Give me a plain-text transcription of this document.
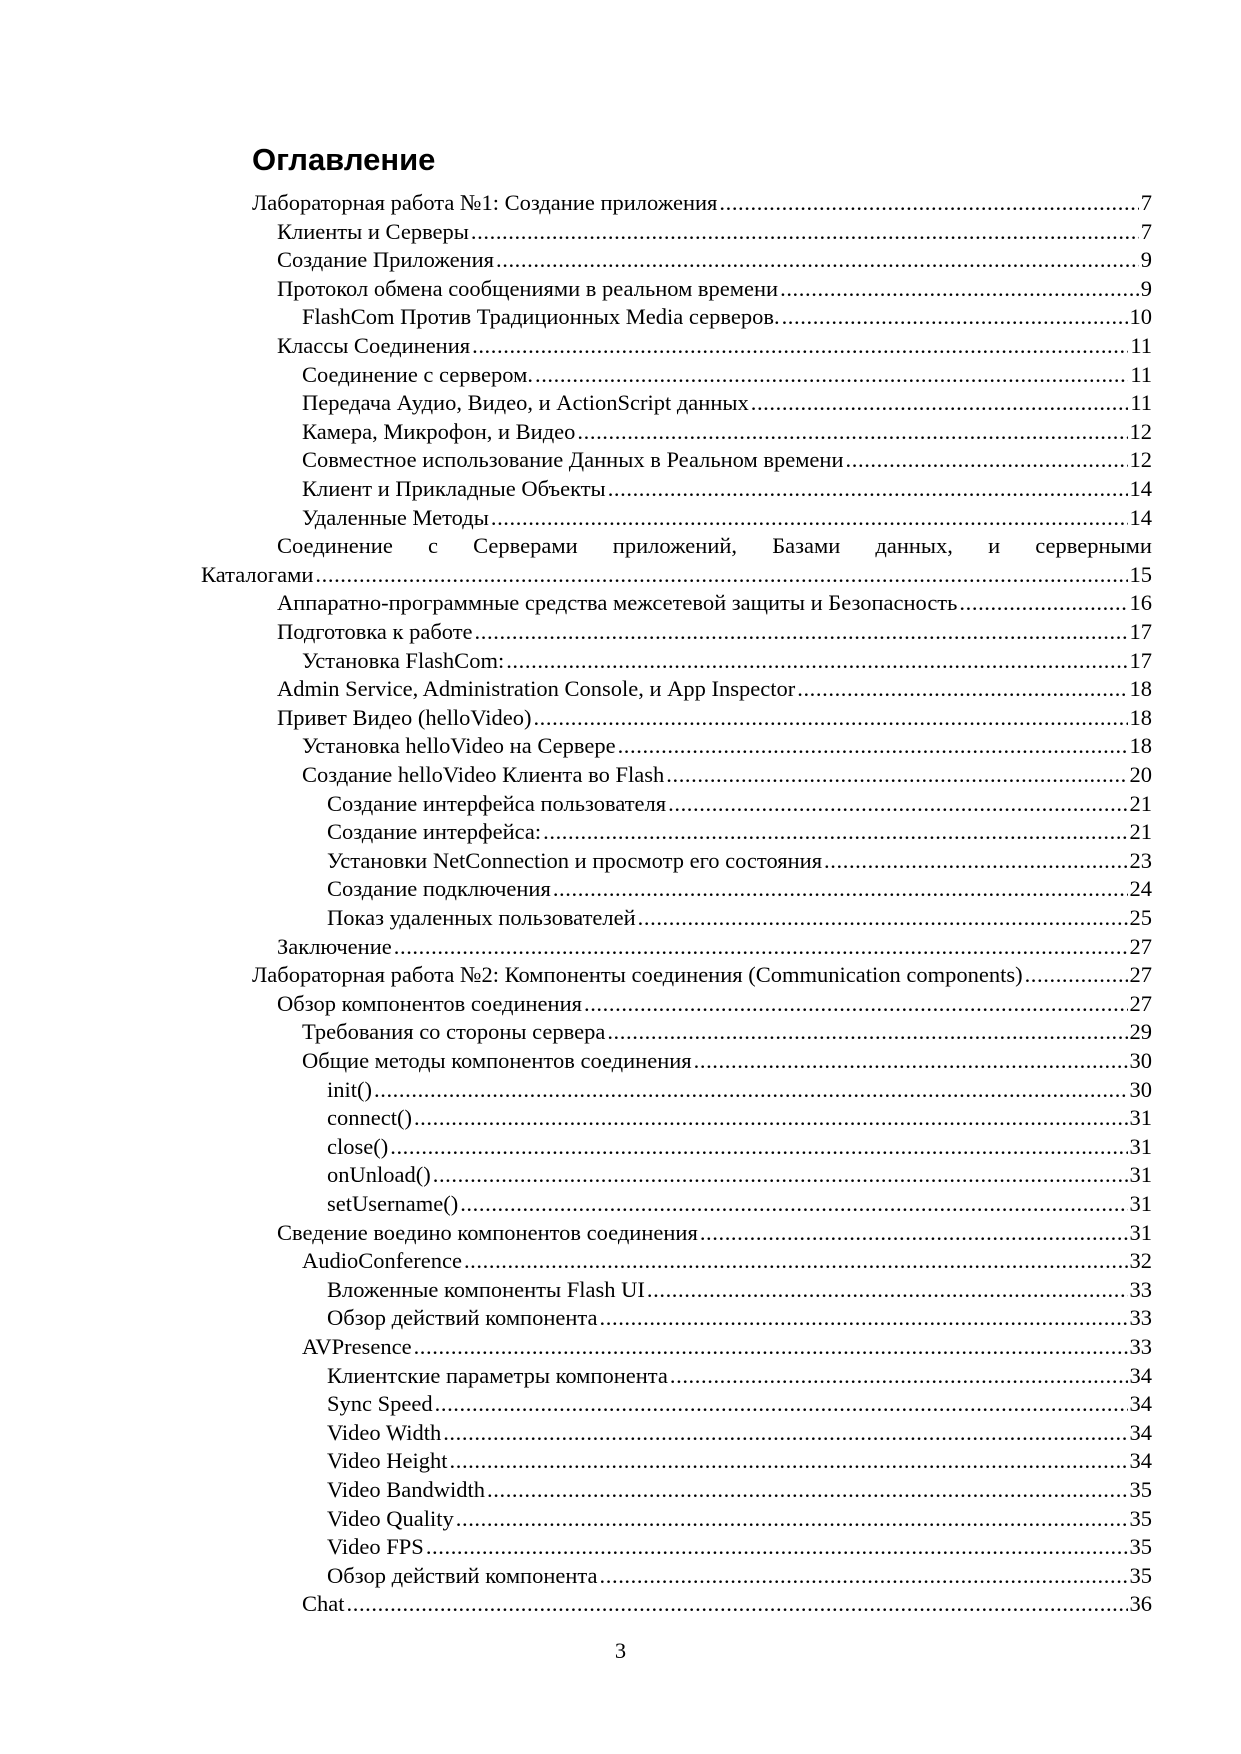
Оглавление
Лабораторная работа №1: Создание приложения .....	7
Клиенты и Серверы .....	7
Создание Приложения .....	9
Протокол обмена сообщениями в реальном времени .....	9
FlashCom Против Традиционных Media серверов. .....	10
Классы Соединения .....	11
Соединение с сервером. .....	11
Передача Аудио, Видео, и ActionScript данных .....	11
Камера, Микрофон, и Видео .....	12
Совместное использование Данных в Реальном времени .....	12
Клиент и Прикладные Объекты .....	14
Удаленные Методы .....	14
Соединение с Серверами приложений, Базами данных, и серверными
Каталогами .....	15
Аппаратно-программные средства межсетевой защиты и Безопасность .....	16
Подготовка к работе .....	17
Установка FlashCom: .....	17
Admin Service, Administration Console, и App Inspector .....	18
Привет Видео (helloVideo) .....	18
Установка helloVideo на Сервере .....	18
Создание helloVideo Клиента во Flash .....	20
Создание интерфейса пользователя .....	21
Создание интерфейса: .....	21
Установки NetConnection и просмотр его состояния .....	23
Создание подключения .....	24
Показ удаленных пользователей .....	25
Заключение .....	27
Лабораторная работа №2: Компоненты соединения (Communication components) .....	27
Обзор компонентов соединения .....	27
Требования со стороны сервера .....	29
Общие методы компонентов соединения .....	30
init() .....	30
connect() .....	31
close() .....	31
onUnload() .....	31
setUsername() .....	31
Сведение воедино компонентов соединения .....	31
AudioConference .....	32
Вложенные компоненты Flash UI .....	33
Обзор действий компонента .....	33
AVPresence .....	33
Клиентские параметры компонента .....	34
Sync Speed .....	34
Video Width .....	34
Video Height .....	34
Video Bandwidth .....	35
Video Quality .....	35
Video FPS .....	35
Обзор действий компонента .....	35
Chat .....	36
3
